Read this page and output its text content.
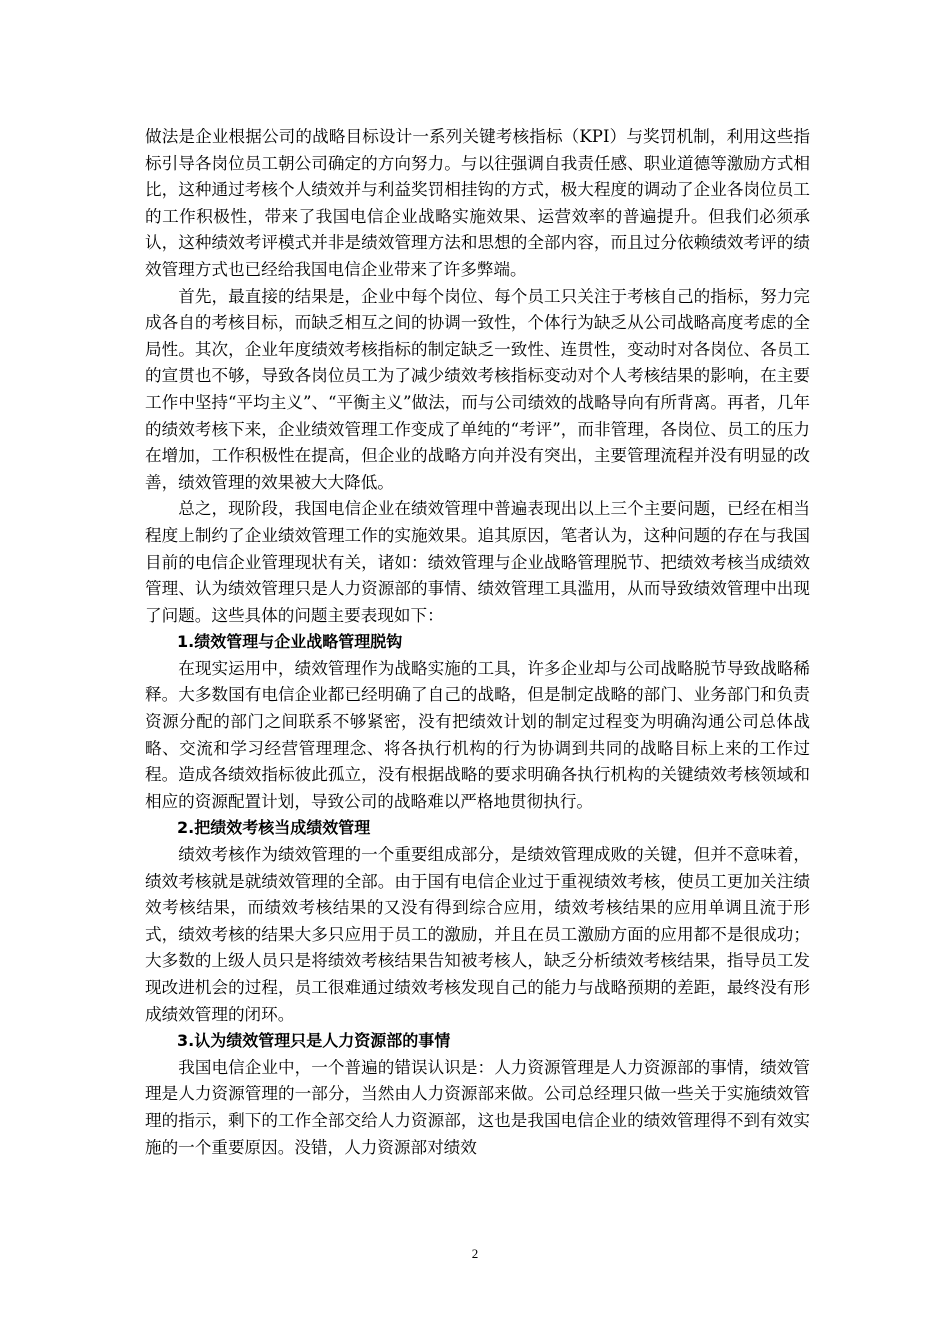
做法是企业根据公司的战略目标设计一系列关键考核指标（KPI）与奖罚机制，利用这些指标引导各岗位员工朝公司确定的方向努力。与以往强调自我责任感、职业道德等激励方式相比，这种通过考核个人绩效并与利益奖罚相挂钩的方式，极大程度的调动了企业各岗位员工的工作积极性，带来了我国电信企业战略实施效果、运营效率的普遍提升。但我们必须承认，这种绩效考评模式并非是绩效管理方法和思想的全部内容，而且过分依赖绩效考评的绩效管理方式也已经给我国电信企业带来了许多弊端。

首先，最直接的结果是，企业中每个岗位、每个员工只关注于考核自己的指标，努力完成各自的考核目标，而缺乏相互之间的协调一致性，个体行为缺乏从公司战略高度考虑的全局性。其次，企业年度绩效考核指标的制定缺乏一致性、连贯性，变动时对各岗位、各员工的宣贯也不够，导致各岗位员工为了减少绩效考核指标变动对个人考核结果的影响，在主要工作中坚持“平均主义”、“平衡主义”做法，而与公司绩效的战略导向有所背离。再者，几年的绩效考核下来，企业绩效管理工作变成了单纯的“考评”，而非管理，各岗位、员工的压力在增加，工作积极性在提高，但企业的战略方向并没有突出，主要管理流程并没有明显的改善，绩效管理的效果被大大降低。

总之，现阶段，我国电信企业在绩效管理中普遍表现出以上三个主要问题，已经在相当程度上制约了企业绩效管理工作的实施效果。追其原因，笔者认为，这种问题的存在与我国目前的电信企业管理现状有关，诸如：绩效管理与企业战略管理脱节、把绩效考核当成绩效管理、认为绩效管理只是人力资源部的事情、绩效管理工具滥用，从而导致绩效管理中出现了问题。这些具体的问题主要表现如下：

1.绩效管理与企业战略管理脱钩

在现实运用中，绩效管理作为战略实施的工具，许多企业却与公司战略脱节导致战略稀释。大多数国有电信企业都已经明确了自己的战略，但是制定战略的部门、业务部门和负责资源分配的部门之间联系不够紧密，没有把绩效计划的制定过程变为明确沟通公司总体战略、交流和学习经营管理理念、将各执行机构的行为协调到共同的战略目标上来的工作过程。造成各绩效指标彼此孤立，没有根据战略的要求明确各执行机构的关键绩效考核领域和相应的资源配置计划，导致公司的战略难以严格地贯彻执行。

2.把绩效考核当成绩效管理

绩效考核作为绩效管理的一个重要组成部分，是绩效管理成败的关键，但并不意味着，绩效考核就是就绩效管理的全部。由于国有电信企业过于重视绩效考核，使员工更加关注绩效考核结果，而绩效考核结果的又没有得到综合应用，绩效考核结果的应用单调且流于形式，绩效考核的结果大多只应用于员工的激励，并且在员工激励方面的应用都不是很成功；大多数的上级人员只是将绩效考核结果告知被考核人，缺乏分析绩效考核结果，指导员工发现改进机会的过程，员工很难通过绩效考核发现自己的能力与战略预期的差距，最终没有形成绩效管理的闭环。

3.认为绩效管理只是人力资源部的事情

我国电信企业中，一个普遍的错误认识是：人力资源管理是人力资源部的事情，绩效管理是人力资源管理的一部分，当然由人力资源部来做。公司总经理只做一些关于实施绩效管理的指示，剩下的工作全部交给人力资源部，这也是我国电信企业的绩效管理得不到有效实施的一个重要原因。没错，人力资源部对绩效

2
